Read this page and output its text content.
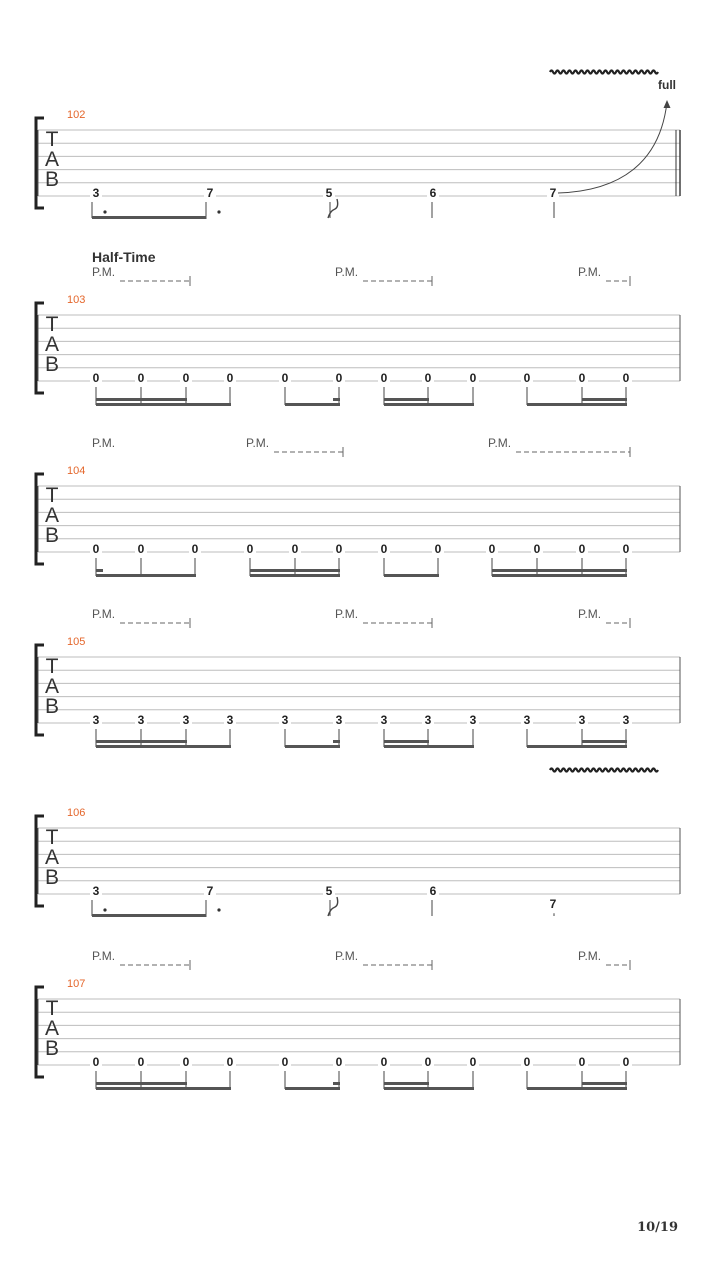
T
A
B
102
3	7	5	6	7
full
T
A
B
103
Half-Time
P.M.	P.M.	P.M.
0	0	0	0	0	0	0	0	0	0	0	0
T
A
B
104
P.M.	P.M.	P.M.
0	0	0	0	0	0	0	0	0	0	0	0
T
A
B
105
P.M.	P.M.	P.M.
3	3	3	3	3	3	3	3	3	3	3	3
T
A
B
106
3	7	5	6
7
T
A
B
107
P.M.	P.M.	P.M.
0	0	0	0	0	0	0	0	0	0	0	0
10/19
